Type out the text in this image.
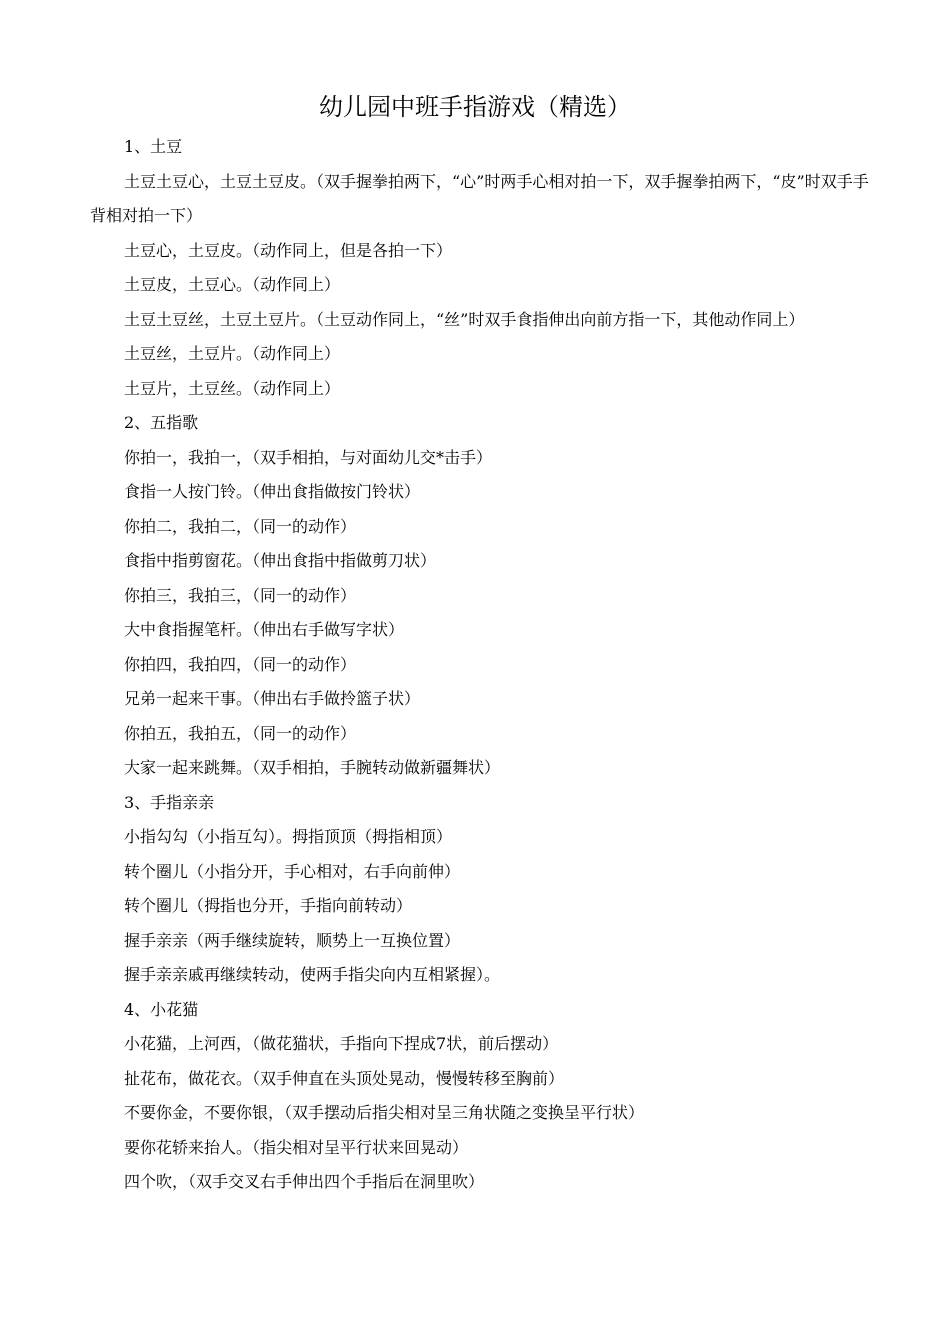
幼儿园中班手指游戏（精选）

1、土豆

土豆土豆心，土豆土豆皮。（双手握拳拍两下，“心”时两手心相对拍一下，双手握拳拍两下，“皮”时双手手背相对拍一下）

土豆心，土豆皮。（动作同上，但是各拍一下）

土豆皮，土豆心。（动作同上）

土豆土豆丝，土豆土豆片。（土豆动作同上，“丝”时双手食指伸出向前方指一下，其他动作同上）

土豆丝，土豆片。（动作同上）

土豆片，土豆丝。（动作同上）

2、五指歌

你拍一，我拍一，（双手相拍，与对面幼儿交*击手）

食指一人按门铃。（伸出食指做按门铃状）

你拍二，我拍二，（同一的动作）

食指中指剪窗花。（伸出食指中指做剪刀状）

你拍三，我拍三，（同一的动作）

大中食指握笔杆。（伸出右手做写字状）

你拍四，我拍四，（同一的动作）

兄弟一起来干事。（伸出右手做拎篮子状）

你拍五，我拍五，（同一的动作）

大家一起来跳舞。（双手相拍，手腕转动做新疆舞状）

3、手指亲亲

小指勾勾（小指互勾）。拇指顶顶（拇指相顶）

转个圈儿（小指分开，手心相对，右手向前伸）

转个圈儿（拇指也分开，手指向前转动）

握手亲亲（两手继续旋转，顺势上一互换位置）

握手亲亲戚再继续转动，使两手指尖向内互相紧握）。

4、小花猫

小花猫，上河西，（做花猫状，手指向下捏成7状，前后摆动）

扯花布，做花衣。（双手伸直在头顶处晃动，慢慢转移至胸前）

不要你金，不要你银，（双手摆动后指尖相对呈三角状随之变换呈平行状）

要你花轿来抬人。（指尖相对呈平行状来回晃动）

四个吹，（双手交叉右手伸出四个手指后在洞里吹）
